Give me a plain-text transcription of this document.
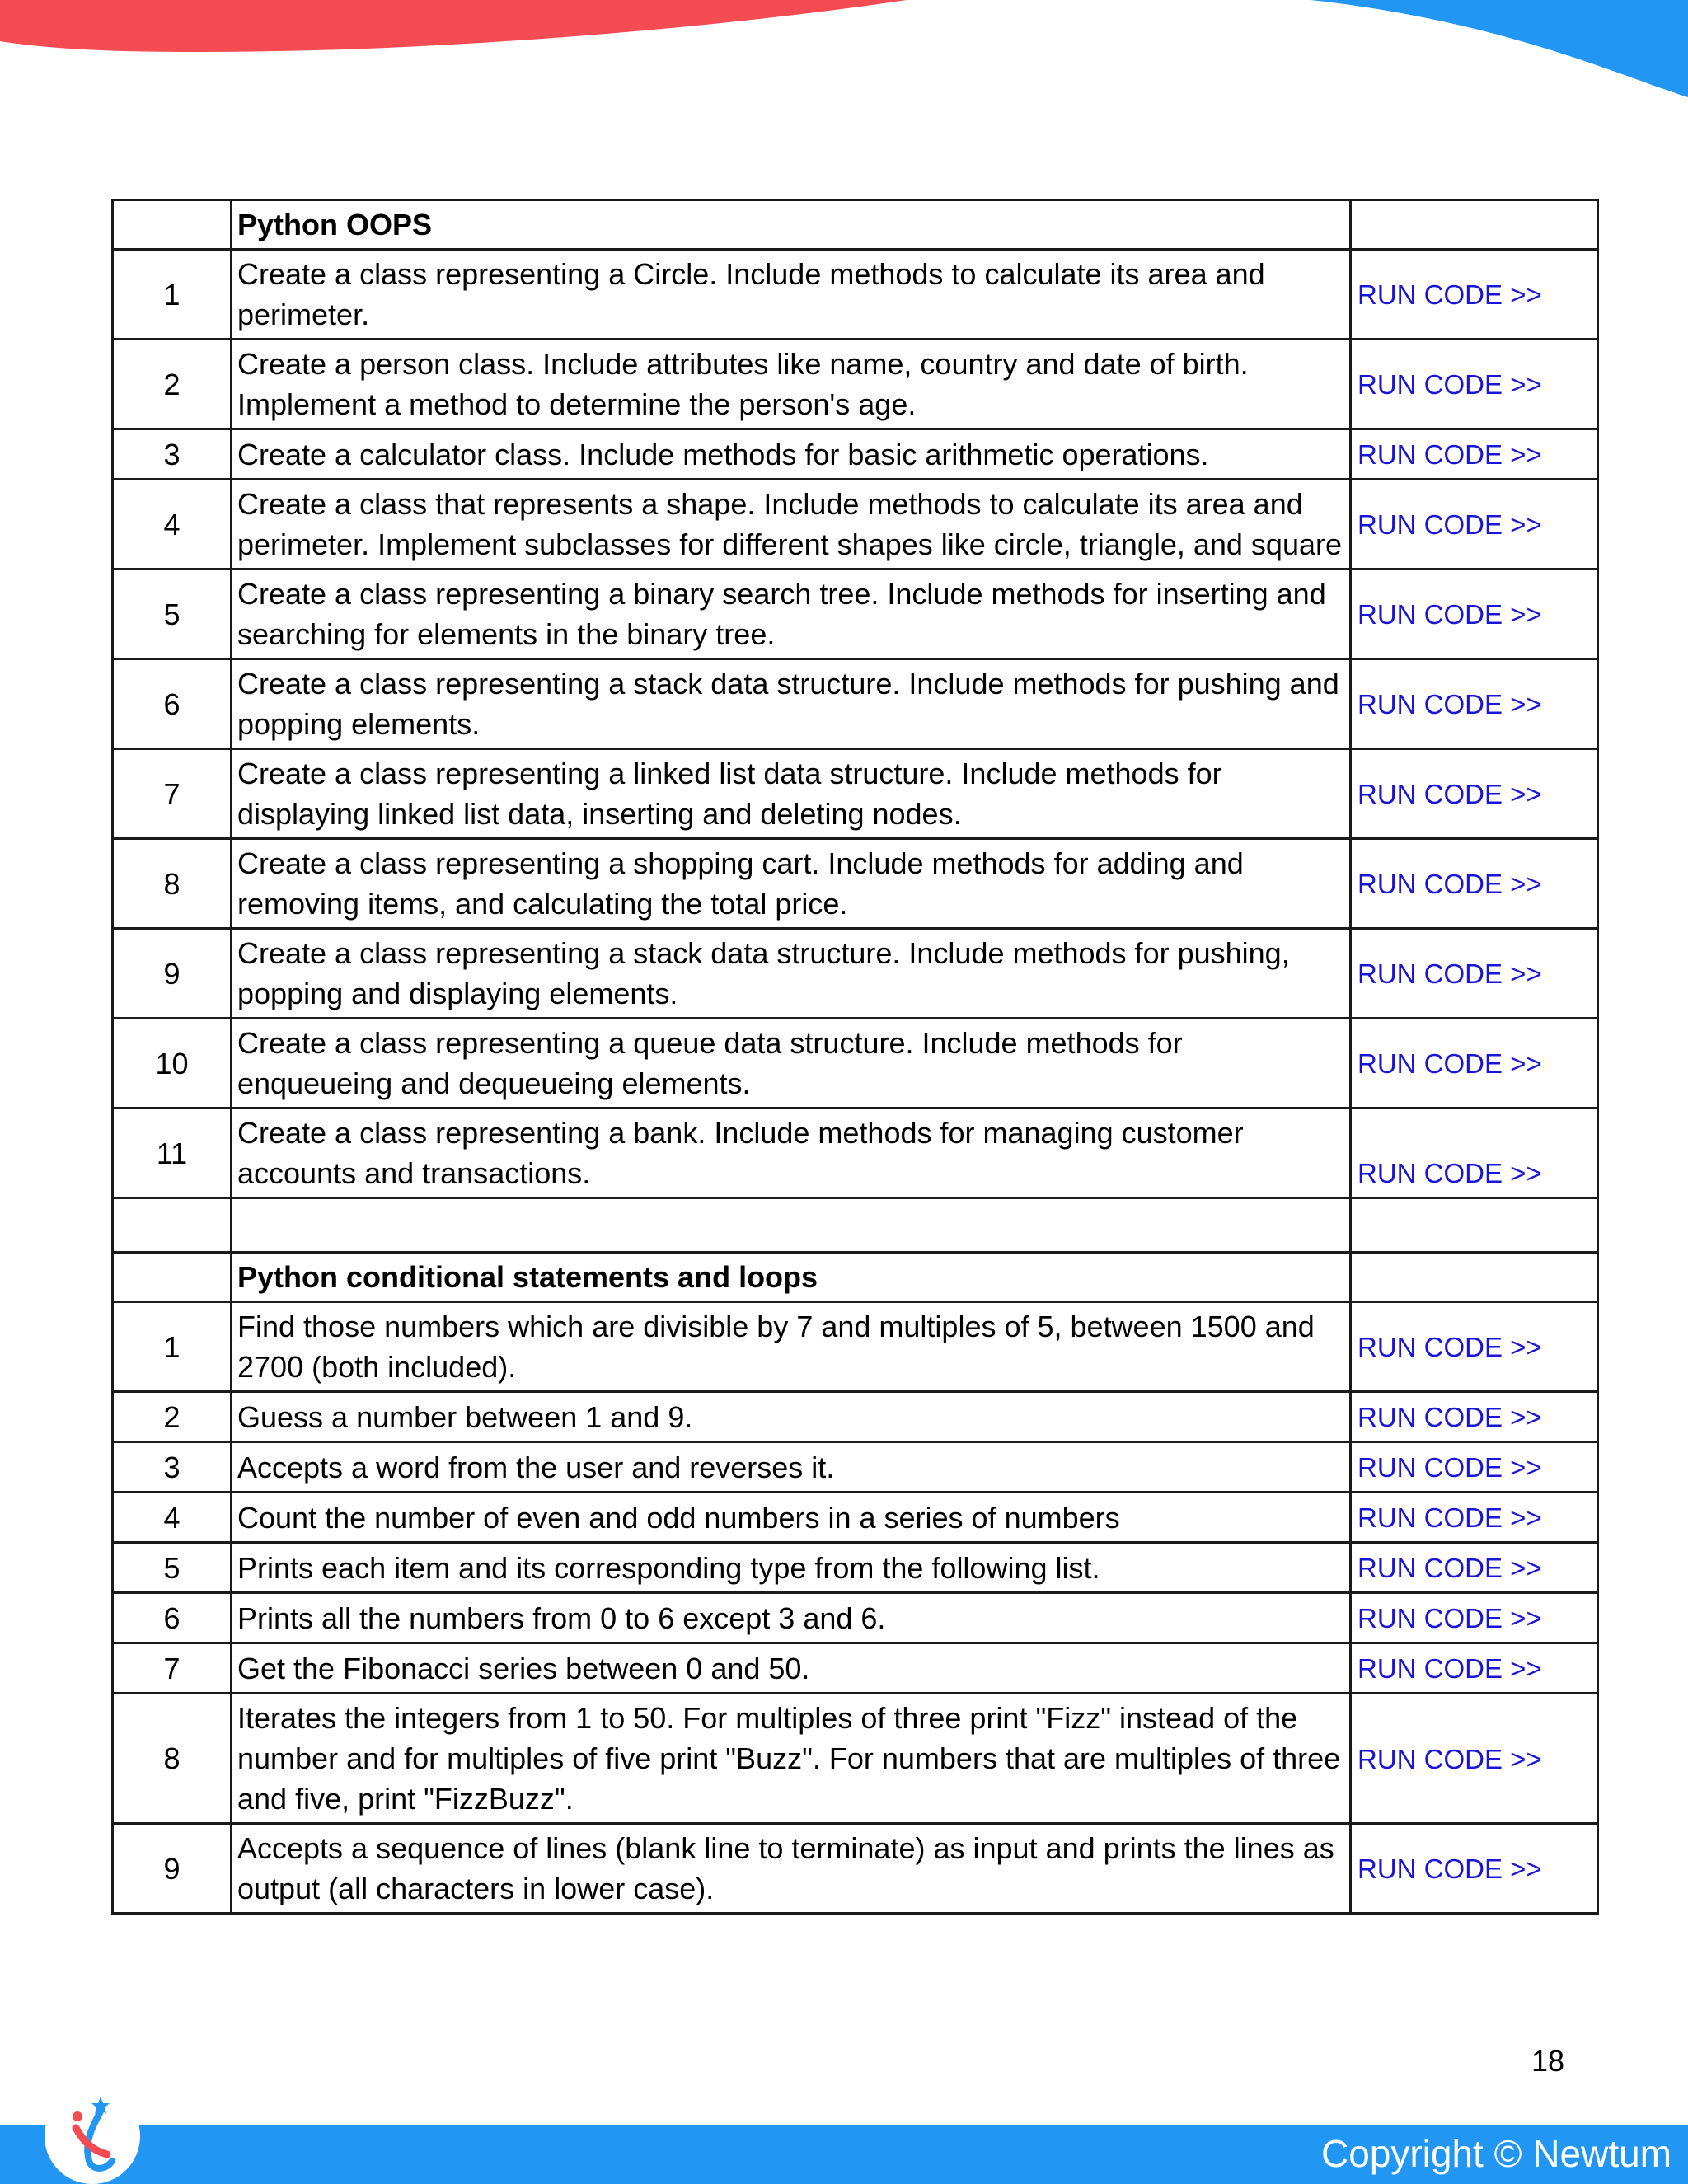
	Python OOPS	
1	Create a class representing a Circle. Include methods to calculate its area and perimeter.	RUN CODE >>
2	Create a person class. Include attributes like name, country and date of birth. Implement a method to determine the person's age.	RUN CODE >>
3	Create a calculator class. Include methods for basic arithmetic operations.	RUN CODE >>
4	Create a class that represents a shape. Include methods to calculate its area and perimeter. Implement subclasses for different shapes like circle, triangle, and square	RUN CODE >>
5	Create a class representing a binary search tree. Include methods for inserting and searching for elements in the binary tree.	RUN CODE >>
6	Create a class representing a stack data structure. Include methods for pushing and popping elements.	RUN CODE >>
7	Create a class representing a linked list data structure. Include methods for displaying linked list data, inserting and deleting nodes.	RUN CODE >>
8	Create a class representing a shopping cart. Include methods for adding and removing items, and calculating the total price.	RUN CODE >>
9	Create a class representing a stack data structure. Include methods for pushing, popping and displaying elements.	RUN CODE >>
10	Create a class representing a queue data structure. Include methods for enqueueing and dequeueing elements.	RUN CODE >>
11	Create a class representing a bank. Include methods for managing customer accounts and transactions.	RUN CODE >>

	Python conditional statements and loops	
1	Find those numbers which are divisible by 7 and multiples of 5, between 1500 and 2700 (both included).	RUN CODE >>
2	Guess a number between 1 and 9.	RUN CODE >>
3	Accepts a word from the user and reverses it.	RUN CODE >>
4	Count the number of even and odd numbers in a series of numbers	RUN CODE >>
5	Prints each item and its corresponding type from the following list.	RUN CODE >>
6	Prints all the numbers from 0 to 6 except 3 and 6.	RUN CODE >>
7	Get the Fibonacci series between 0 and 50.	RUN CODE >>
8	Iterates the integers from 1 to 50. For multiples of three print "Fizz" instead of the number and for multiples of five print "Buzz". For numbers that are multiples of three and five, print "FizzBuzz".	RUN CODE >>
9	Accepts a sequence of lines (blank line to terminate) as input and prints the lines as output (all characters in lower case).	RUN CODE >>
18
Copyright © Newtum
